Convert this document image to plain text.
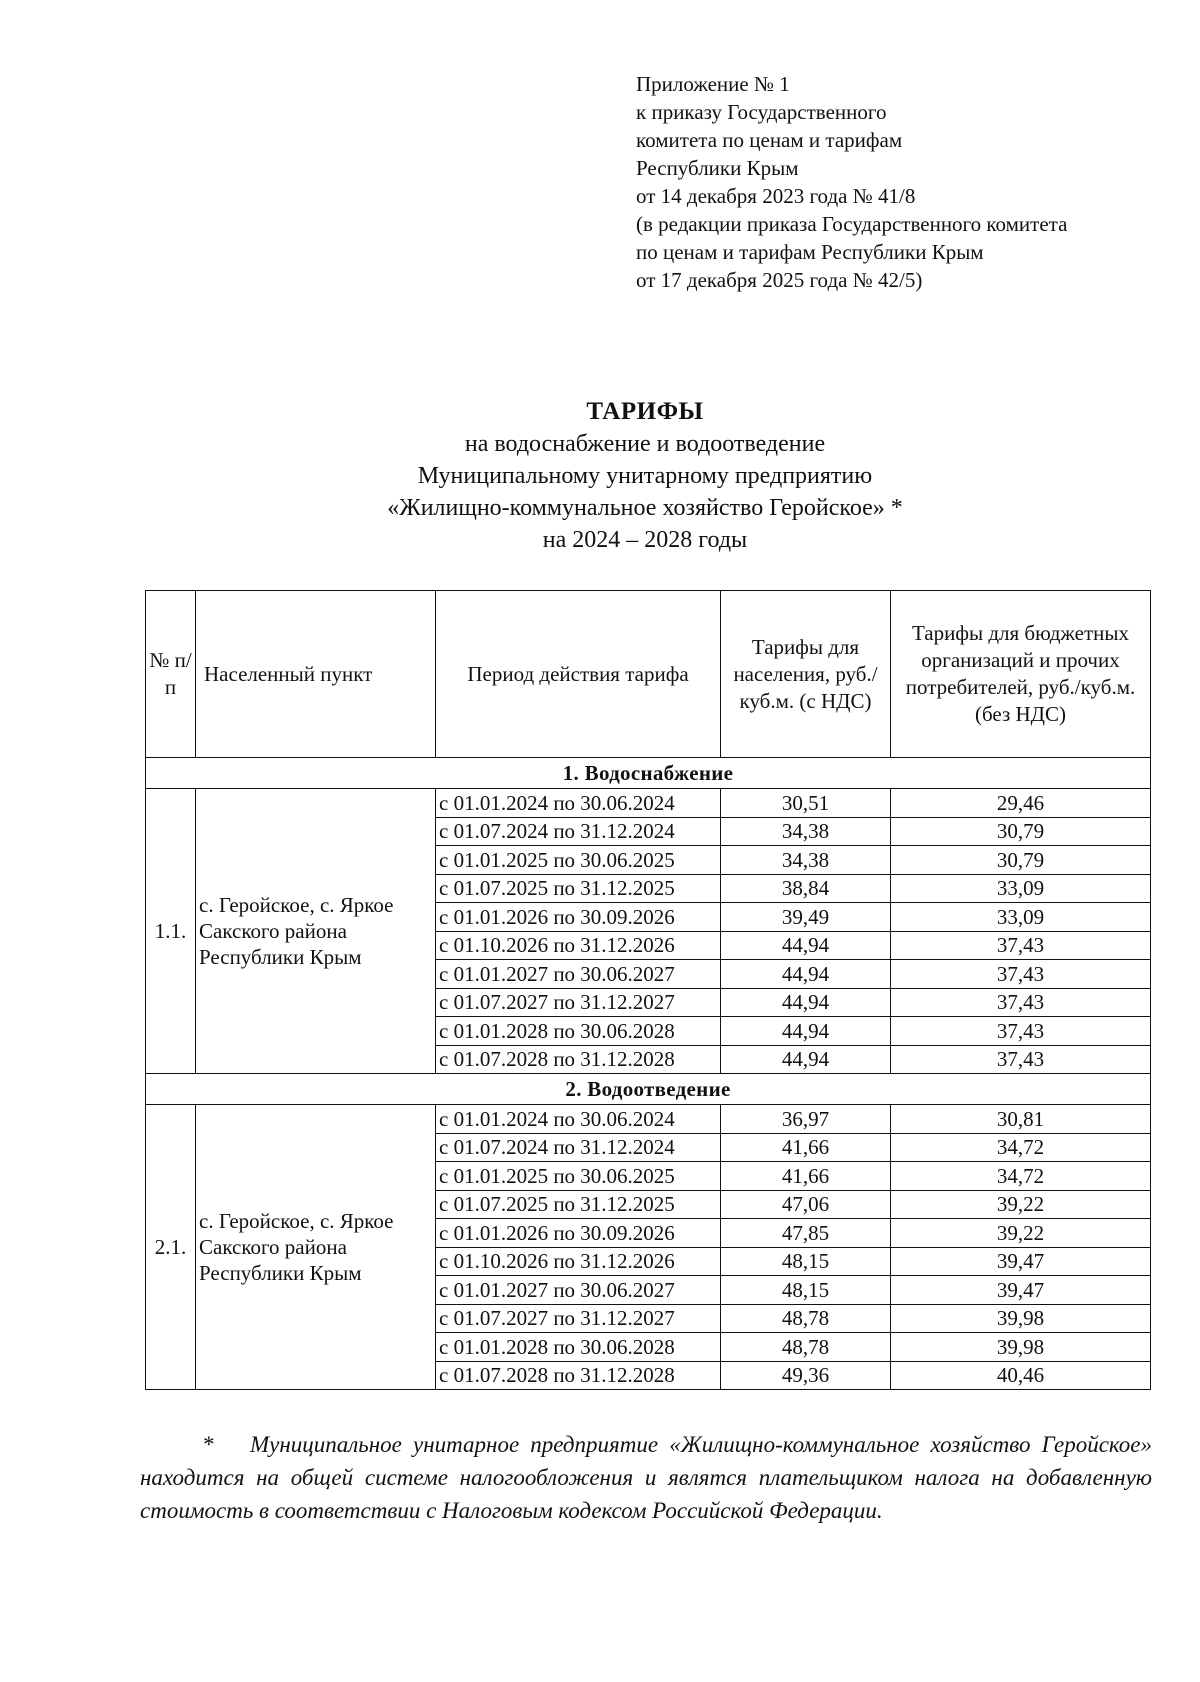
Приложение № 1
к приказу Государственного
комитета по ценам и тарифам
Республики Крым
от 14 декабря 2023 года № 41/8
(в редакции приказа Государственного комитета
по ценам и тарифам Республики Крым
от 17 декабря 2025 года № 42/5)
ТАРИФЫ
на водоснабжение и водоотведение
Муниципальному унитарному предприятию
«Жилищно-коммунальное хозяйство Геройское» *
на 2024 – 2028 годы
№ п/п	Населенный пункт	Период действия тарифа	Тарифы для населения, руб./куб.м. (с НДС)	Тарифы для бюджетных организаций и прочих потребителей, руб./куб.м. (без НДС)
1. Водоснабжение				
1.1.	с. Геройское, с. Яркое Сакского района Республики Крым	с 01.01.2024 по 30.06.2024	30,51	29,46
		с 01.07.2024 по 31.12.2024	34,38	30,79
		с 01.01.2025 по 30.06.2025	34,38	30,79
		с 01.07.2025 по 31.12.2025	38,84	33,09
		с 01.01.2026 по 30.09.2026	39,49	33,09
		с 01.10.2026 по 31.12.2026	44,94	37,43
		с 01.01.2027 по 30.06.2027	44,94	37,43
		с 01.07.2027 по 31.12.2027	44,94	37,43
		с 01.01.2028 по 30.06.2028	44,94	37,43
		с 01.07.2028 по 31.12.2028	44,94	37,43
2. Водоотведение				
2.1.	с. Геройское, с. Яркое Сакского района Республики Крым	с 01.01.2024 по 30.06.2024	36,97	30,81
		с 01.07.2024 по 31.12.2024	41,66	34,72
		с 01.01.2025 по 30.06.2025	41,66	34,72
		с 01.07.2025 по 31.12.2025	47,06	39,22
		с 01.01.2026 по 30.09.2026	47,85	39,22
		с 01.10.2026 по 31.12.2026	48,15	39,47
		с 01.01.2027 по 30.06.2027	48,15	39,47
		с 01.07.2027 по 31.12.2027	48,78	39,98
		с 01.01.2028 по 30.06.2028	48,78	39,98
		с 01.07.2028 по 31.12.2028	49,36	40,46
* Муниципальное унитарное предприятие «Жилищно-коммунальное хозяйство Геройское» находится на общей системе налогообложения и являтся плательщиком налога на добавленную стоимость в соответствии с Налоговым кодексом Российской Федерации.
